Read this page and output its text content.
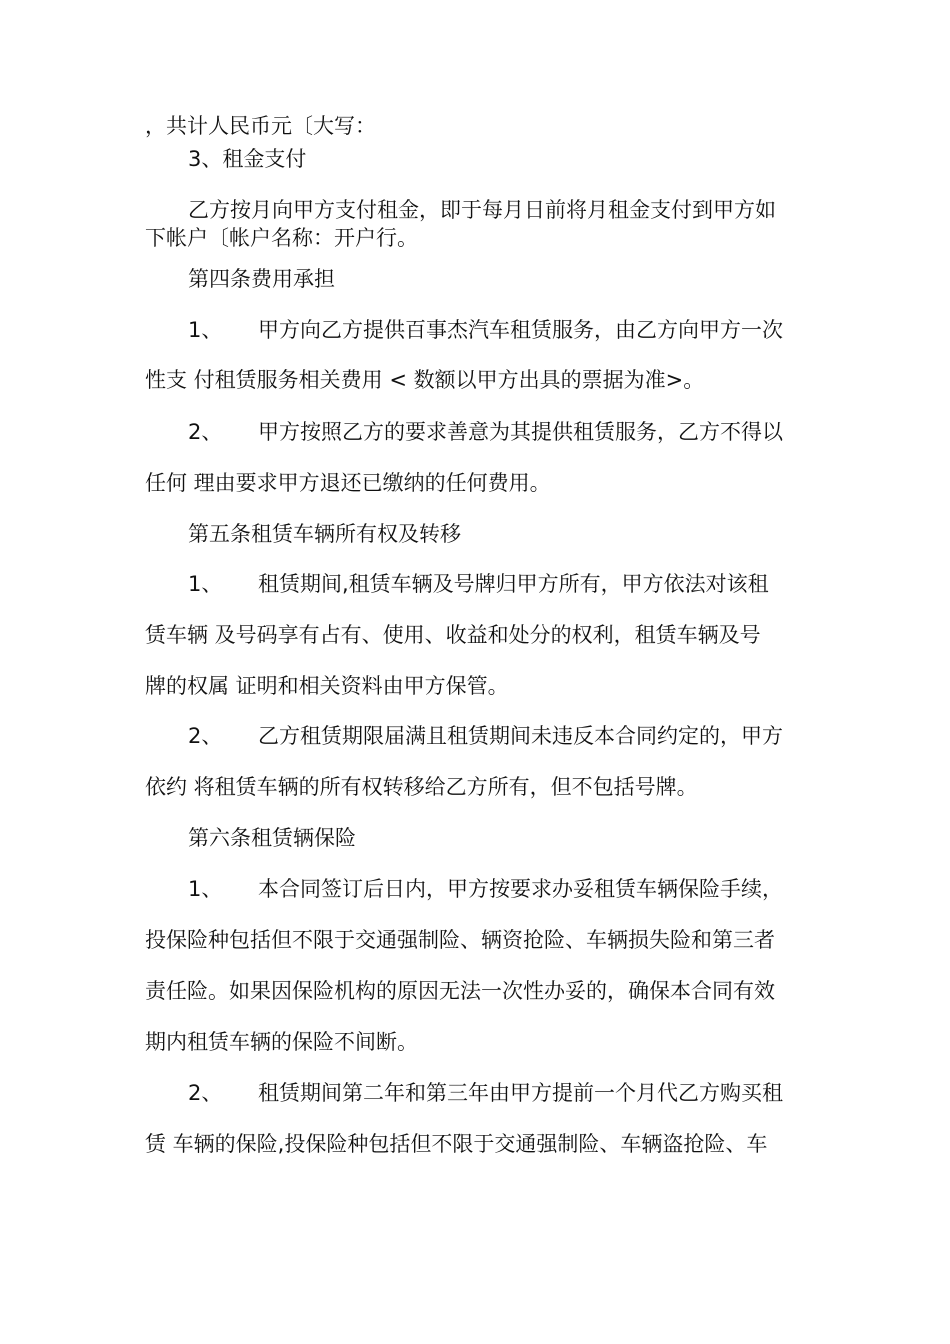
，共计人民币元〔大写：
3、租金支付
乙方按月向甲方支付租金，即于每月日前将月租金支付到甲方如
下帐户〔帐户名称：开户行。
第四条费用承担
1、 甲方向乙方提供百事杰汽车租赁服务，由乙方向甲方一次
性支 付租赁服务相关费用 < 数额以甲方出具的票据为准>。
2、 甲方按照乙方的要求善意为其提供租赁服务，乙方不得以
任何 理由要求甲方退还已缴纳的任何费用。
第五条租赁车辆所有权及转移
1、 租赁期间,租赁车辆及号牌归甲方所有，甲方依法对该租
赁车辆 及号码享有占有、使用、收益和处分的权利，租赁车辆及号
牌的权属 证明和相关资料由甲方保管。
2、 乙方租赁期限届满且租赁期间未违反本合同约定的，甲方
依约 将租赁车辆的所有权转移给乙方所有，但不包括号牌。
第六条租赁辆保险
1、 本合同签订后日内，甲方按要求办妥租赁车辆保险手续，
投保险种包括但不限于交通强制险、辆资抢险、车辆损失险和第三者
责任险。如果因保险机构的原因无法一次性办妥的，确保本合同有效
期内租赁车辆的保险不间断。
2、 租赁期间第二年和第三年由甲方提前一个月代乙方购买租
赁 车辆的保险,投保险种包括但不限于交通强制险、车辆盗抢险、车
